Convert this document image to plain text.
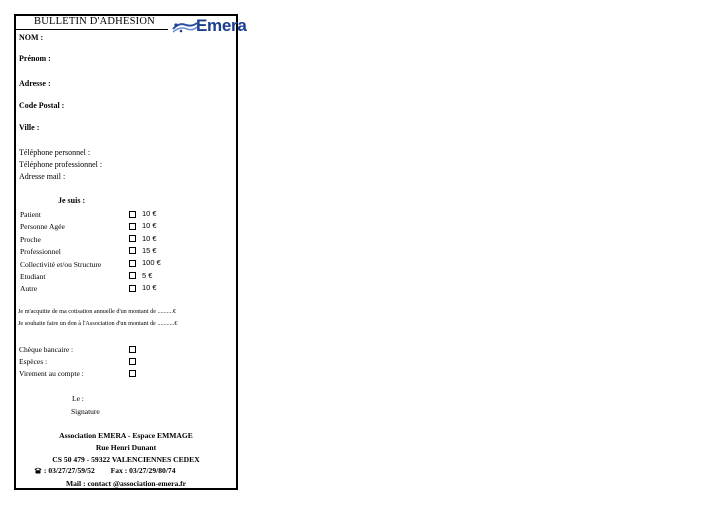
BULLETIN D'ADHESION Emera
NOM :
Prénom :
Adresse :
Code Postal :
Ville :
Téléphone personnel :
Téléphone professionnel :
Adresse mail :
Je suis :
Patient	10 €
Personne Agée	10 €
Proche	10 €
Professionnel	15 €
Collectivité et/ou Structure	100 €
Etudiant	5 €
Autre	10 €
Je m'acquitte de ma cotisation annuelle d'un montant de ..........€
Je souhaite faire un don à l'Association d'un montant de ...........€
Chèque bancaire :
Espèces :
Virement au compte :
Le :
Signature
Association EMERA - Espace EMMAGE
Rue Henri Dunant
CS 50 479 - 59322 VALENCIENNES CEDEX
: 03/27/27/59/52 Fax : 03/27/29/80/74
Mail : contact @association-emera.fr
